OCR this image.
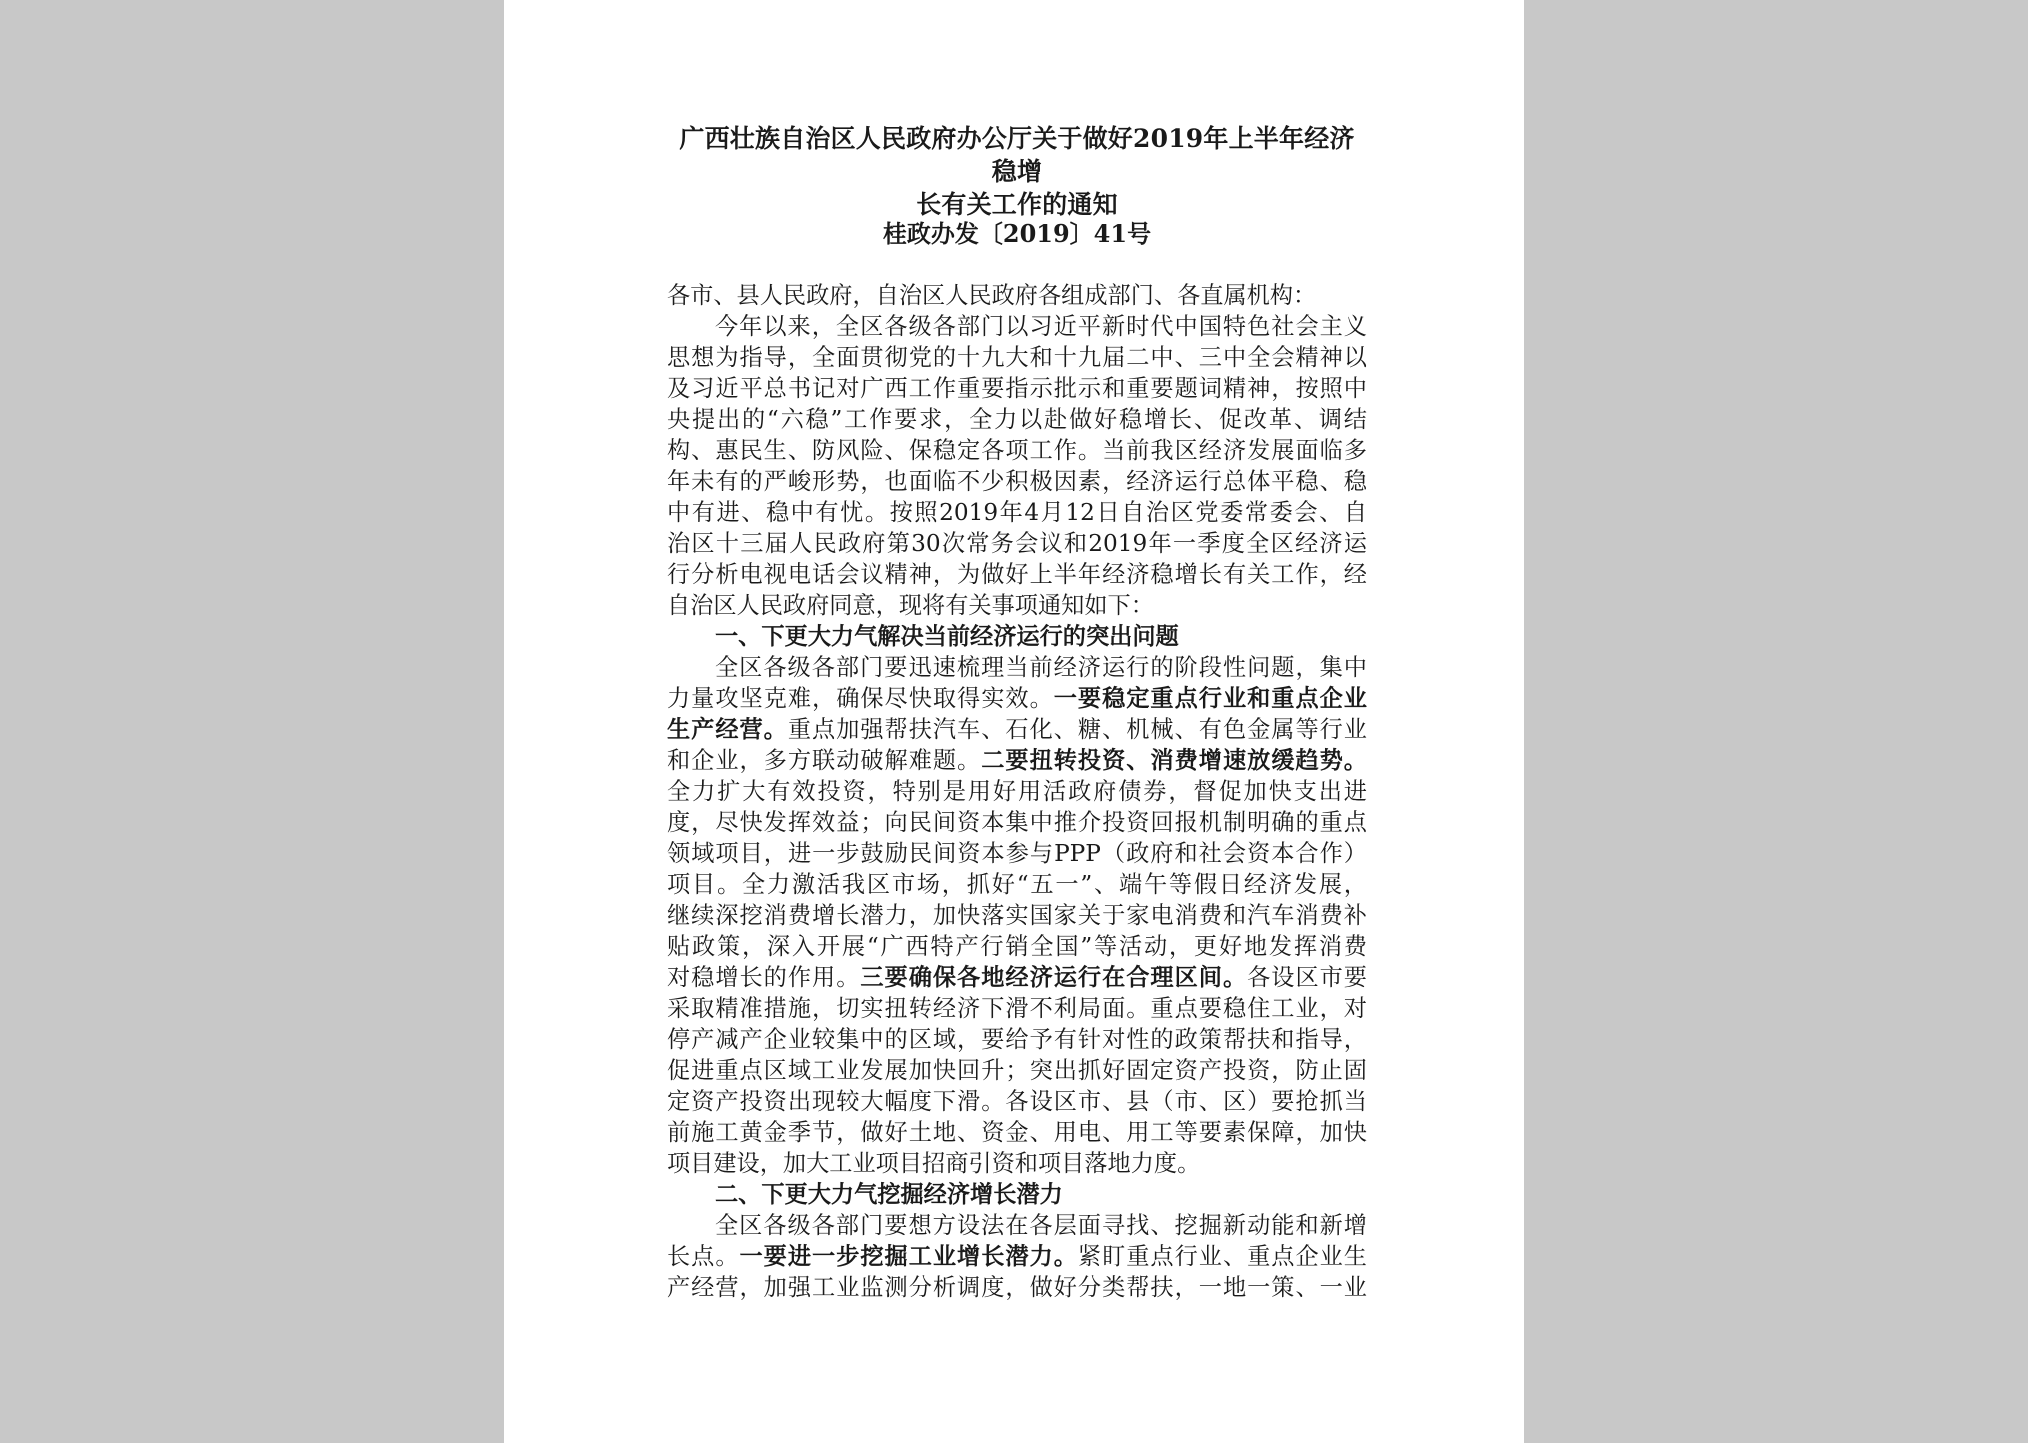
广西壮族自治区人民政府办公厅关于做好2019年上半年经济稳增
长有关工作的通知
桂政办发〔2019〕41号
各市、县人民政府，自治区人民政府各组成部门、各直属机构：
今年以来，全区各级各部门以习近平新时代中国特色社会主义
思想为指导，全面贯彻党的十九大和十九届二中、三中全会精神以
及习近平总书记对广西工作重要指示批示和重要题词精神，按照中
央提出的“六稳”工作要求，全力以赴做好稳增长、促改革、调结
构、惠民生、防风险、保稳定各项工作。当前我区经济发展面临多
年未有的严峻形势，也面临不少积极因素，经济运行总体平稳、稳
中有进、稳中有忧。按照2019年4月12日自治区党委常委会、自
治区十三届人民政府第30次常务会议和2019年一季度全区经济运
行分析电视电话会议精神，为做好上半年经济稳增长有关工作，经
自治区人民政府同意，现将有关事项通知如下：
一、下更大力气解决当前经济运行的突出问题
全区各级各部门要迅速梳理当前经济运行的阶段性问题，集中
力量攻坚克难，确保尽快取得实效。一要稳定重点行业和重点企业
生产经营。重点加强帮扶汽车、石化、糖、机械、有色金属等行业
和企业，多方联动破解难题。二要扭转投资、消费增速放缓趋势。
全力扩大有效投资，特别是用好用活政府债券，督促加快支出进
度，尽快发挥效益；向民间资本集中推介投资回报机制明确的重点
领域项目，进一步鼓励民间资本参与PPP（政府和社会资本合作）
项目。全力激活我区市场，抓好“五一”、端午等假日经济发展，
继续深挖消费增长潜力，加快落实国家关于家电消费和汽车消费补
贴政策，深入开展“广西特产行销全国”等活动，更好地发挥消费
对稳增长的作用。三要确保各地经济运行在合理区间。各设区市要
采取精准措施，切实扭转经济下滑不利局面。重点要稳住工业，对
停产减产企业较集中的区域，要给予有针对性的政策帮扶和指导，
促进重点区域工业发展加快回升；突出抓好固定资产投资，防止固
定资产投资出现较大幅度下滑。各设区市、县（市、区）要抢抓当
前施工黄金季节，做好土地、资金、用电、用工等要素保障，加快
项目建设，加大工业项目招商引资和项目落地力度。
二、下更大力气挖掘经济增长潜力
全区各级各部门要想方设法在各层面寻找、挖掘新动能和新增
长点。一要进一步挖掘工业增长潜力。紧盯重点行业、重点企业生
产经营，加强工业监测分析调度，做好分类帮扶，一地一策、一业
